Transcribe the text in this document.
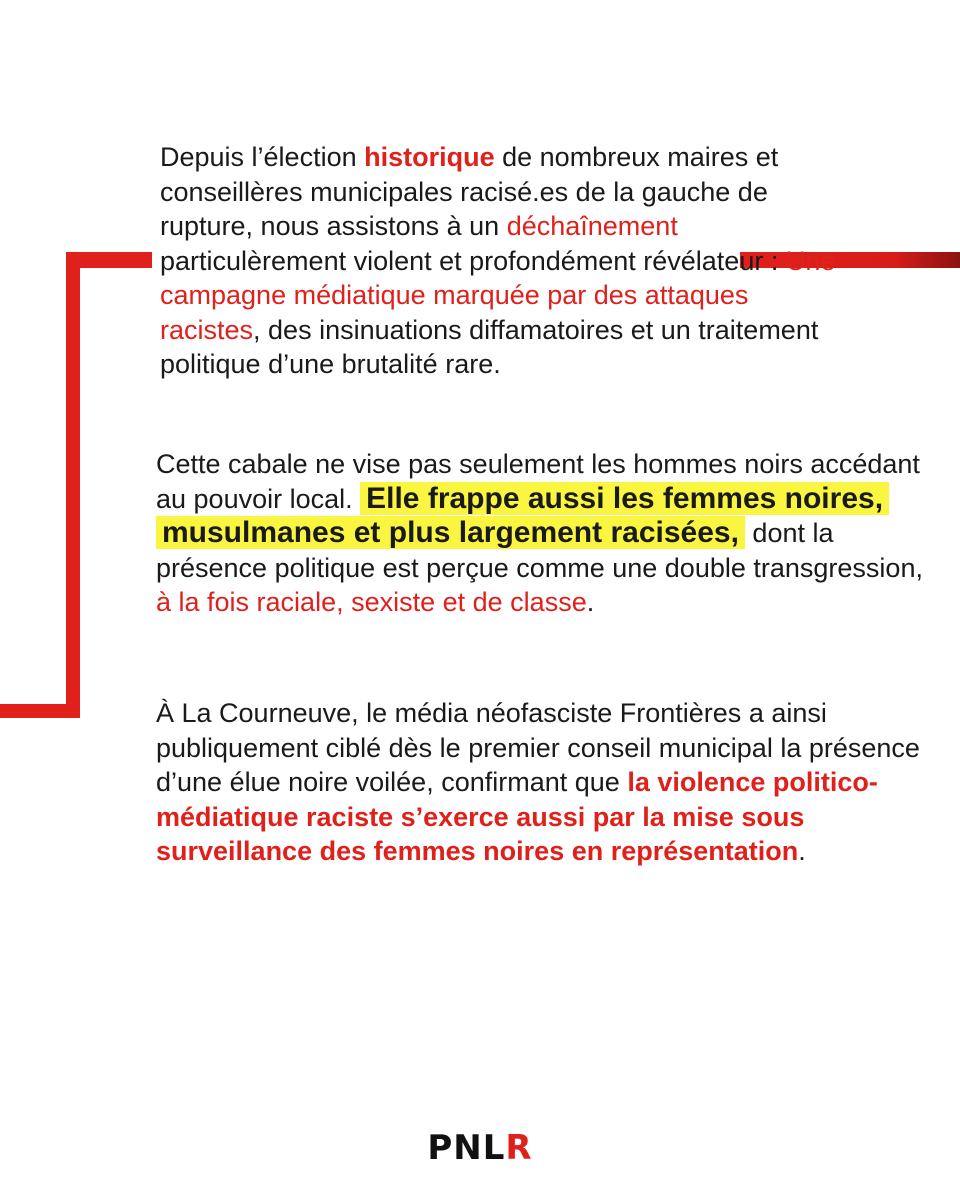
Depuis l’élection historique de nombreux maires et conseillères municipales racisé.es de la gauche de rupture, nous assistons à un déchaînement particulèrement violent et profondément révélateur : Une campagne médiatique marquée par des attaques racistes, des insinuations diffamatoires et un traitement politique d’une brutalité rare.

Cette cabale ne vise pas seulement les hommes noirs accédant au pouvoir local. Elle frappe aussi les femmes noires, musulmanes et plus largement racisées, dont la présence politique est perçue comme une double transgression, à la fois raciale, sexiste et de classe.

À La Courneuve, le média néofasciste Frontières a ainsi publiquement ciblé dès le premier conseil municipal la présence d’une élue noire voilée, confirmant que la violence politico-médiatique raciste s’exerce aussi par la mise sous surveillance des femmes noires en représentation.

PNL R
